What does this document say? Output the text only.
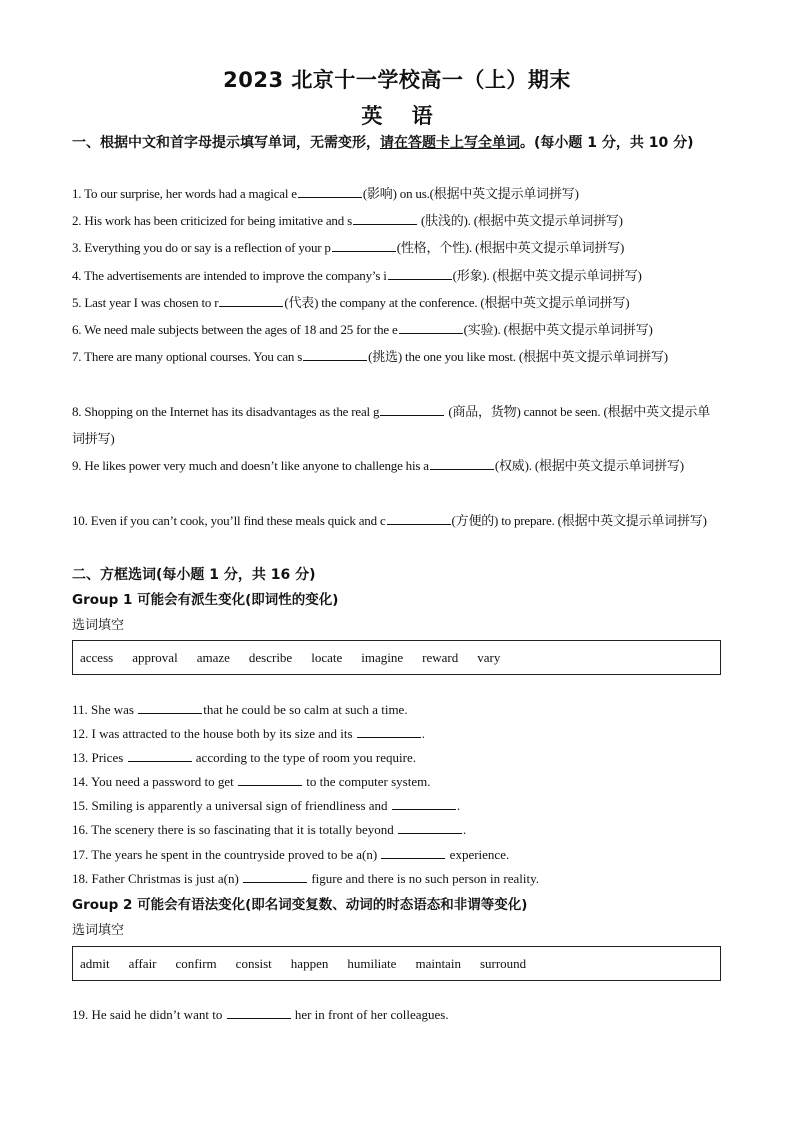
2023 北京十一学校高一（上）期末
英 语
一、根据中文和首字母提示填写单词，无需变形，请在答题卡上写全单词。(每小题 1 分，共 10 分)
1. To our surprise, her words had a magical e	(影响) on us.(根据中英文提示单词拼写)
2. His work has been criticized for being imitative and s	(肤浅的). (根据中英文提示单词拼写)
3. Everything you do or say is a reflection of your p	(性格，个性). (根据中英文提示单词拼写)
4. The advertisements are intended to improve the company’s i	(形象). (根据中英文提示单词拼写)
5. Last year I was chosen to r	(代表) the company at the conference. (根据中英文提示单词拼写)
6. We need male subjects between the ages of 18 and 25 for the e	(实验). (根据中英文提示单词拼写)
7. There are many optional courses. You can s	(挑选) the one you like most. (根据中英文提示单词拼写)
8. Shopping on the Internet has its disadvantages as the real g	(商品，货物) cannot be seen. (根据中英文提示单词拼写)
9. He likes power very much and doesn’t like anyone to challenge his a	(权威). (根据中英文提示单词拼写)
10. Even if you can’t cook, you’ll find these meals quick and c	(方便的) to prepare. (根据中英文提示单词拼写)
二、方框选词(每小题 1 分，共 16 分)
Group 1 可能会有派生变化(即词性的变化)
选词填空
access approval amaze describe locate imagine reward vary
11. She was	that he could be so calm at such a time.
12. I was attracted to the house both by its size and its	.
13. Prices	according to the type of room you require.
14. You need a password to get	to the computer system.
15. Smiling is apparently a universal sign of friendliness and	.
16. The scenery there is so fascinating that it is totally beyond	.
17. The years he spent in the countryside proved to be a(n)	experience.
18. Father Christmas is just a(n)	figure and there is no such person in reality.
Group 2 可能会有语法变化(即名词变复数、动词的时态语态和非谓等变化)
选词填空
admit affair confirm consist happen humiliate maintain surround
19. He said he didn’t want to	her in front of her colleagues.
